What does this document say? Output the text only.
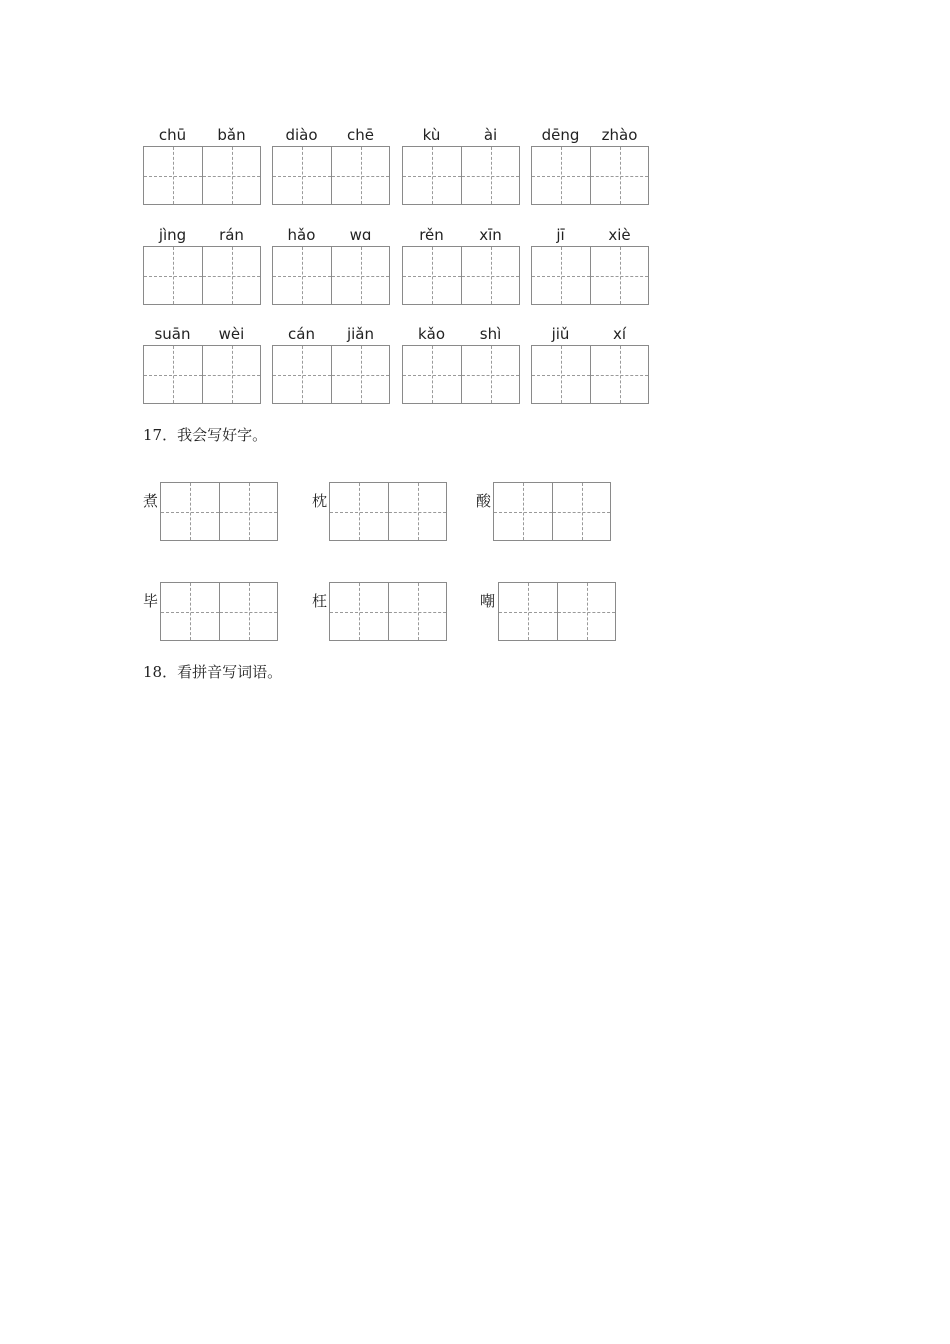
chū	bǎn	diào	chē	kù	ài	dēng	zhào
jìng	rán	hǎo	wɑ	rěn	xīn	jī	xiè
suān	wèi	cán	jiǎn	kǎo	shì	jiǔ	xí
17．我会写好字。
煮	枕	酸
毕	枉	嘲
18．看拼音写词语。
